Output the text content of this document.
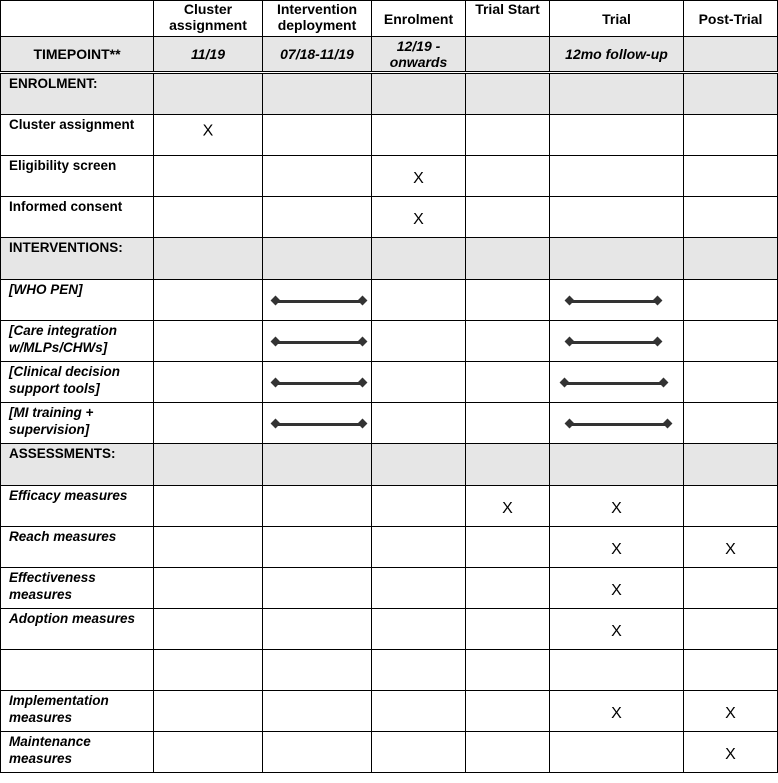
	Cluster assignment	Intervention deployment	Enrolment	Trial Start	Trial	Post-Trial
TIMEPOINT**	11/19	07/18-11/19	12/19 - onwards		12mo follow-up	
ENROLMENT:						
Cluster assignment	X					

Eligibility screen			X			

Informed consent			X			

INTERVENTIONS:						
[WHO PEN]		

[Care integration w/MLPs/CHWs]		

[Clinical decision support tools]		

[MI training + supervision]		

ASSESSMENTS:						
Efficacy measures				X	X	

Reach measures					X	X

Effectiveness measures					X	

Adoption measures					X	

Implementation measures					X	X

Maintenance measures						X
